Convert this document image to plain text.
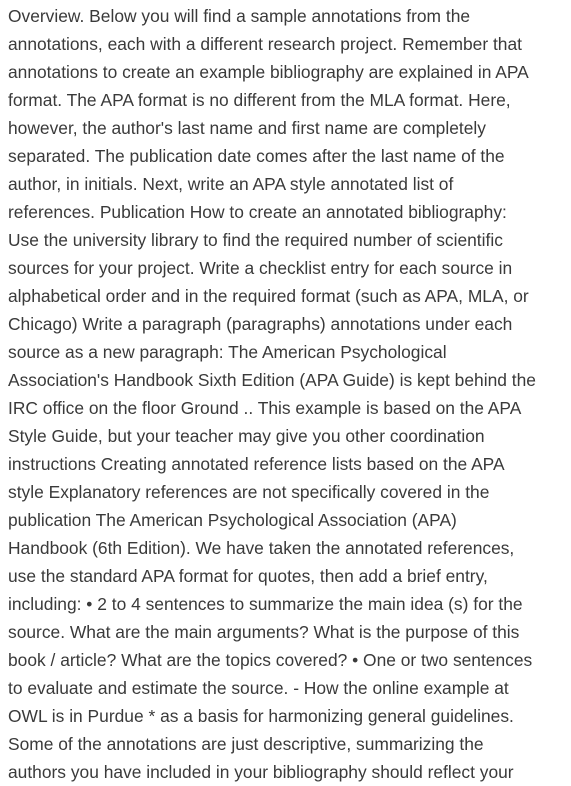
Overview. Below you will find a sample annotations from the
annotations, each with a different research project. Remember that
annotations to create an example bibliography are explained in APA
format. The APA format is no different from the MLA format. Here,
however, the author's last name and first name are completely
separated. The publication date comes after the last name of the
author, in initials. Next, write an APA style annotated list of
references. Publication How to create an annotated bibliography:
Use the university library to find the required number of scientific
sources for your project. Write a checklist entry for each source in
alphabetical order and in the required format (such as APA, MLA, or
Chicago) Write a paragraph (paragraphs) annotations under each
source as a new paragraph: The American Psychological
Association's Handbook Sixth Edition (APA Guide) is kept behind the
IRC office on the floor Ground .. This example is based on the APA
Style Guide, but your teacher may give you other coordination
instructions Creating annotated reference lists based on the APA
style Explanatory references are not specifically covered in the
publication The American Psychological Association (APA)
Handbook (6th Edition). We have taken the annotated references,
use the standard APA format for quotes, then add a brief entry,
including: • 2 to 4 sentences to summarize the main idea (s) for the
source. What are the main arguments? What is the purpose of this
book / article? What are the topics covered? • One or two sentences
to evaluate and estimate the source. - How the online example at
OWL is in Purdue * as a basis for harmonizing general guidelines.
Some of the annotations are just descriptive, summarizing the
authors you have included in your bibliography should reflect your
